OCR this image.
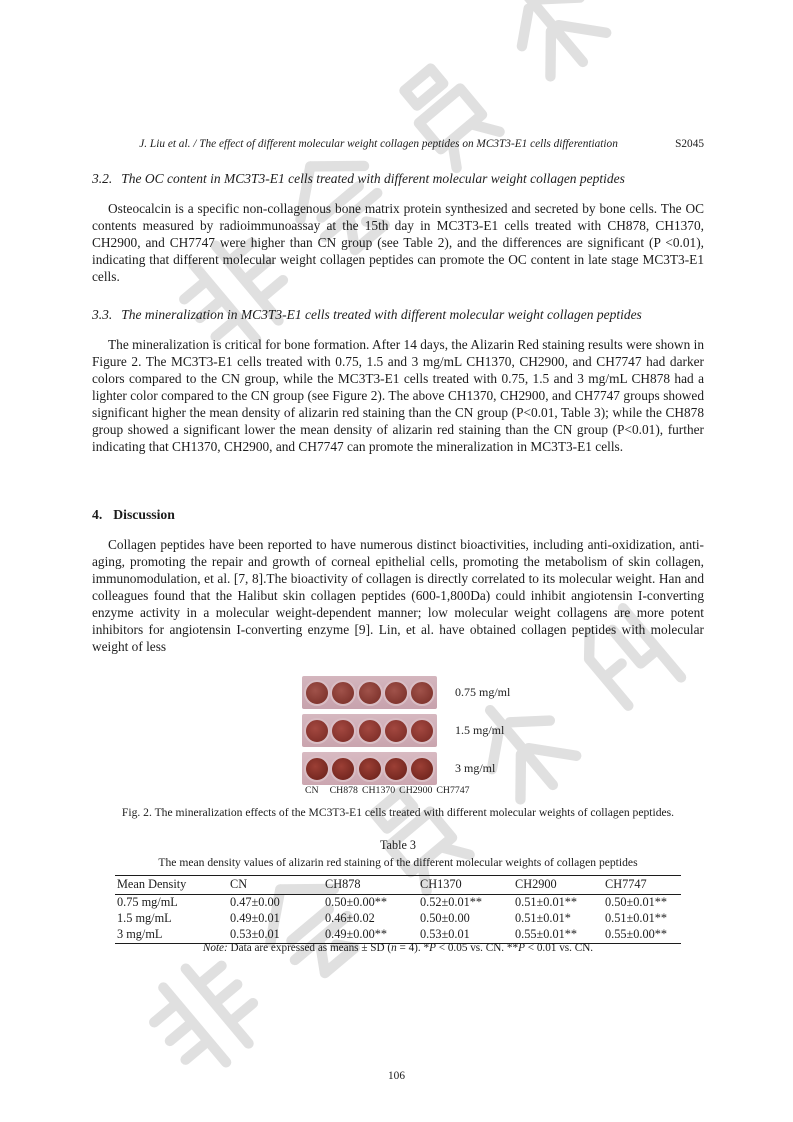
J. Liu et al. / The effect of different molecular weight collagen peptides on MC3T3-E1 cells differentiation	S2045
3.2. The OC content in MC3T3-E1 cells treated with different molecular weight collagen peptides
Osteocalcin is a specific non-collagenous bone matrix protein synthesized and secreted by bone cells. The OC contents measured by radioimmunoassay at the 15th day in MC3T3-E1 cells treated with CH878, CH1370, CH2900, and CH7747 were higher than CN group (see Table 2), and the differences are significant (P <0.01), indicating that different molecular weight collagen peptides can promote the OC content in late stage MC3T3-E1 cells.
3.3. The mineralization in MC3T3-E1 cells treated with different molecular weight collagen peptides
The mineralization is critical for bone formation. After 14 days, the Alizarin Red staining results were shown in Figure 2. The MC3T3-E1 cells treated with 0.75, 1.5 and 3 mg/mL CH1370, CH2900, and CH7747 had darker colors compared to the CN group, while the MC3T3-E1 cells treated with 0.75, 1.5 and 3 mg/mL CH878 had a lighter color compared to the CN group (see Figure 2). The above CH1370, CH2900, and CH7747 groups showed significant higher the mean density of alizarin red staining than the CN group (P<0.01, Table 3); while the CH878 group showed a significant lower the mean density of alizarin red staining than the CN group (P<0.01), further indicating that CH1370, CH2900, and CH7747 can promote the mineralization in MC3T3-E1 cells.
4. Discussion
Collagen peptides have been reported to have numerous distinct bioactivities, including anti-oxidization, anti-aging, promoting the repair and growth of corneal epithelial cells, promoting the metabolism of skin collagen, immunomodulation, et al. [7, 8].The bioactivity of collagen is directly correlated to its molecular weight. Han and colleagues found that the Halibut skin collagen peptides (600-1,800Da) could inhibit angiotensin I-converting enzyme activity in a molecular weight-dependent manner; low molecular weight collagens are more potent inhibitors for angiotensin I-converting enzyme [9]. Lin, et al. have obtained collagen peptides with molecular weight of less
0.75 mg/ml
1.5 mg/ml
3 mg/ml
CN CH878 CH1370 CH2900 CH7747
Fig. 2. The mineralization effects of the MC3T3-E1 cells treated with different molecular weights of collagen peptides.
Table 3
The mean density values of alizarin red staining of the different molecular weights of collagen peptides
Mean Density	CN	CH878	CH1370	CH2900	CH7747
0.75 mg/mL	0.47±0.00	0.50±0.00**	0.52±0.01**	0.51±0.01**	0.50±0.01**
1.5 mg/mL	0.49±0.01	0.46±0.02	0.50±0.00	0.51±0.01*	0.51±0.01**
3 mg/mL	0.53±0.01	0.49±0.00**	0.53±0.01	0.55±0.01**	0.55±0.00**
Note: Data are expressed as means ± SD (n = 4). *P < 0.05 vs. CN. **P < 0.01 vs. CN.
106
